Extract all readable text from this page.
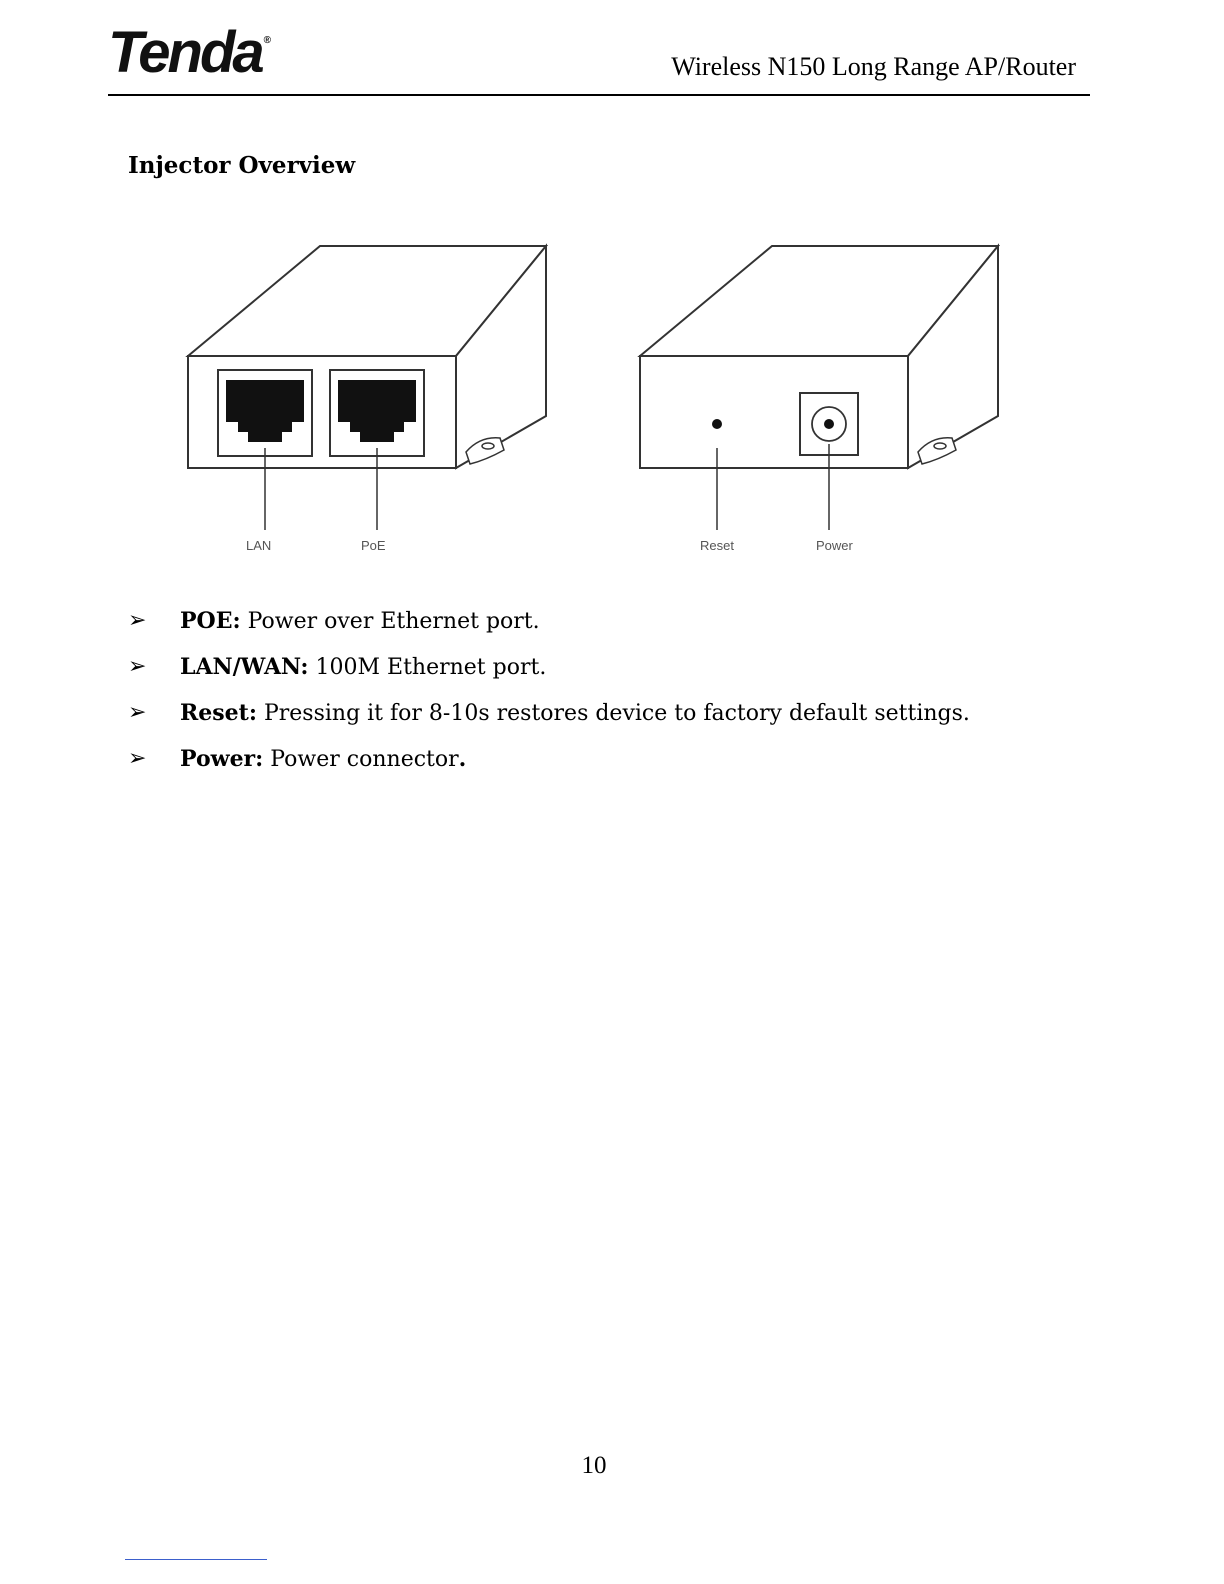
Tenda ®
Wireless N150 Long Range AP/Router
Injector Overview
LAN	PoE	Reset	Power
➢	POE: Power over Ethernet port.
➢	LAN/WAN: 100M Ethernet port.
➢	Reset: Pressing it for 8-10s restores device to factory default settings.
➢	Power: Power connector.
10
